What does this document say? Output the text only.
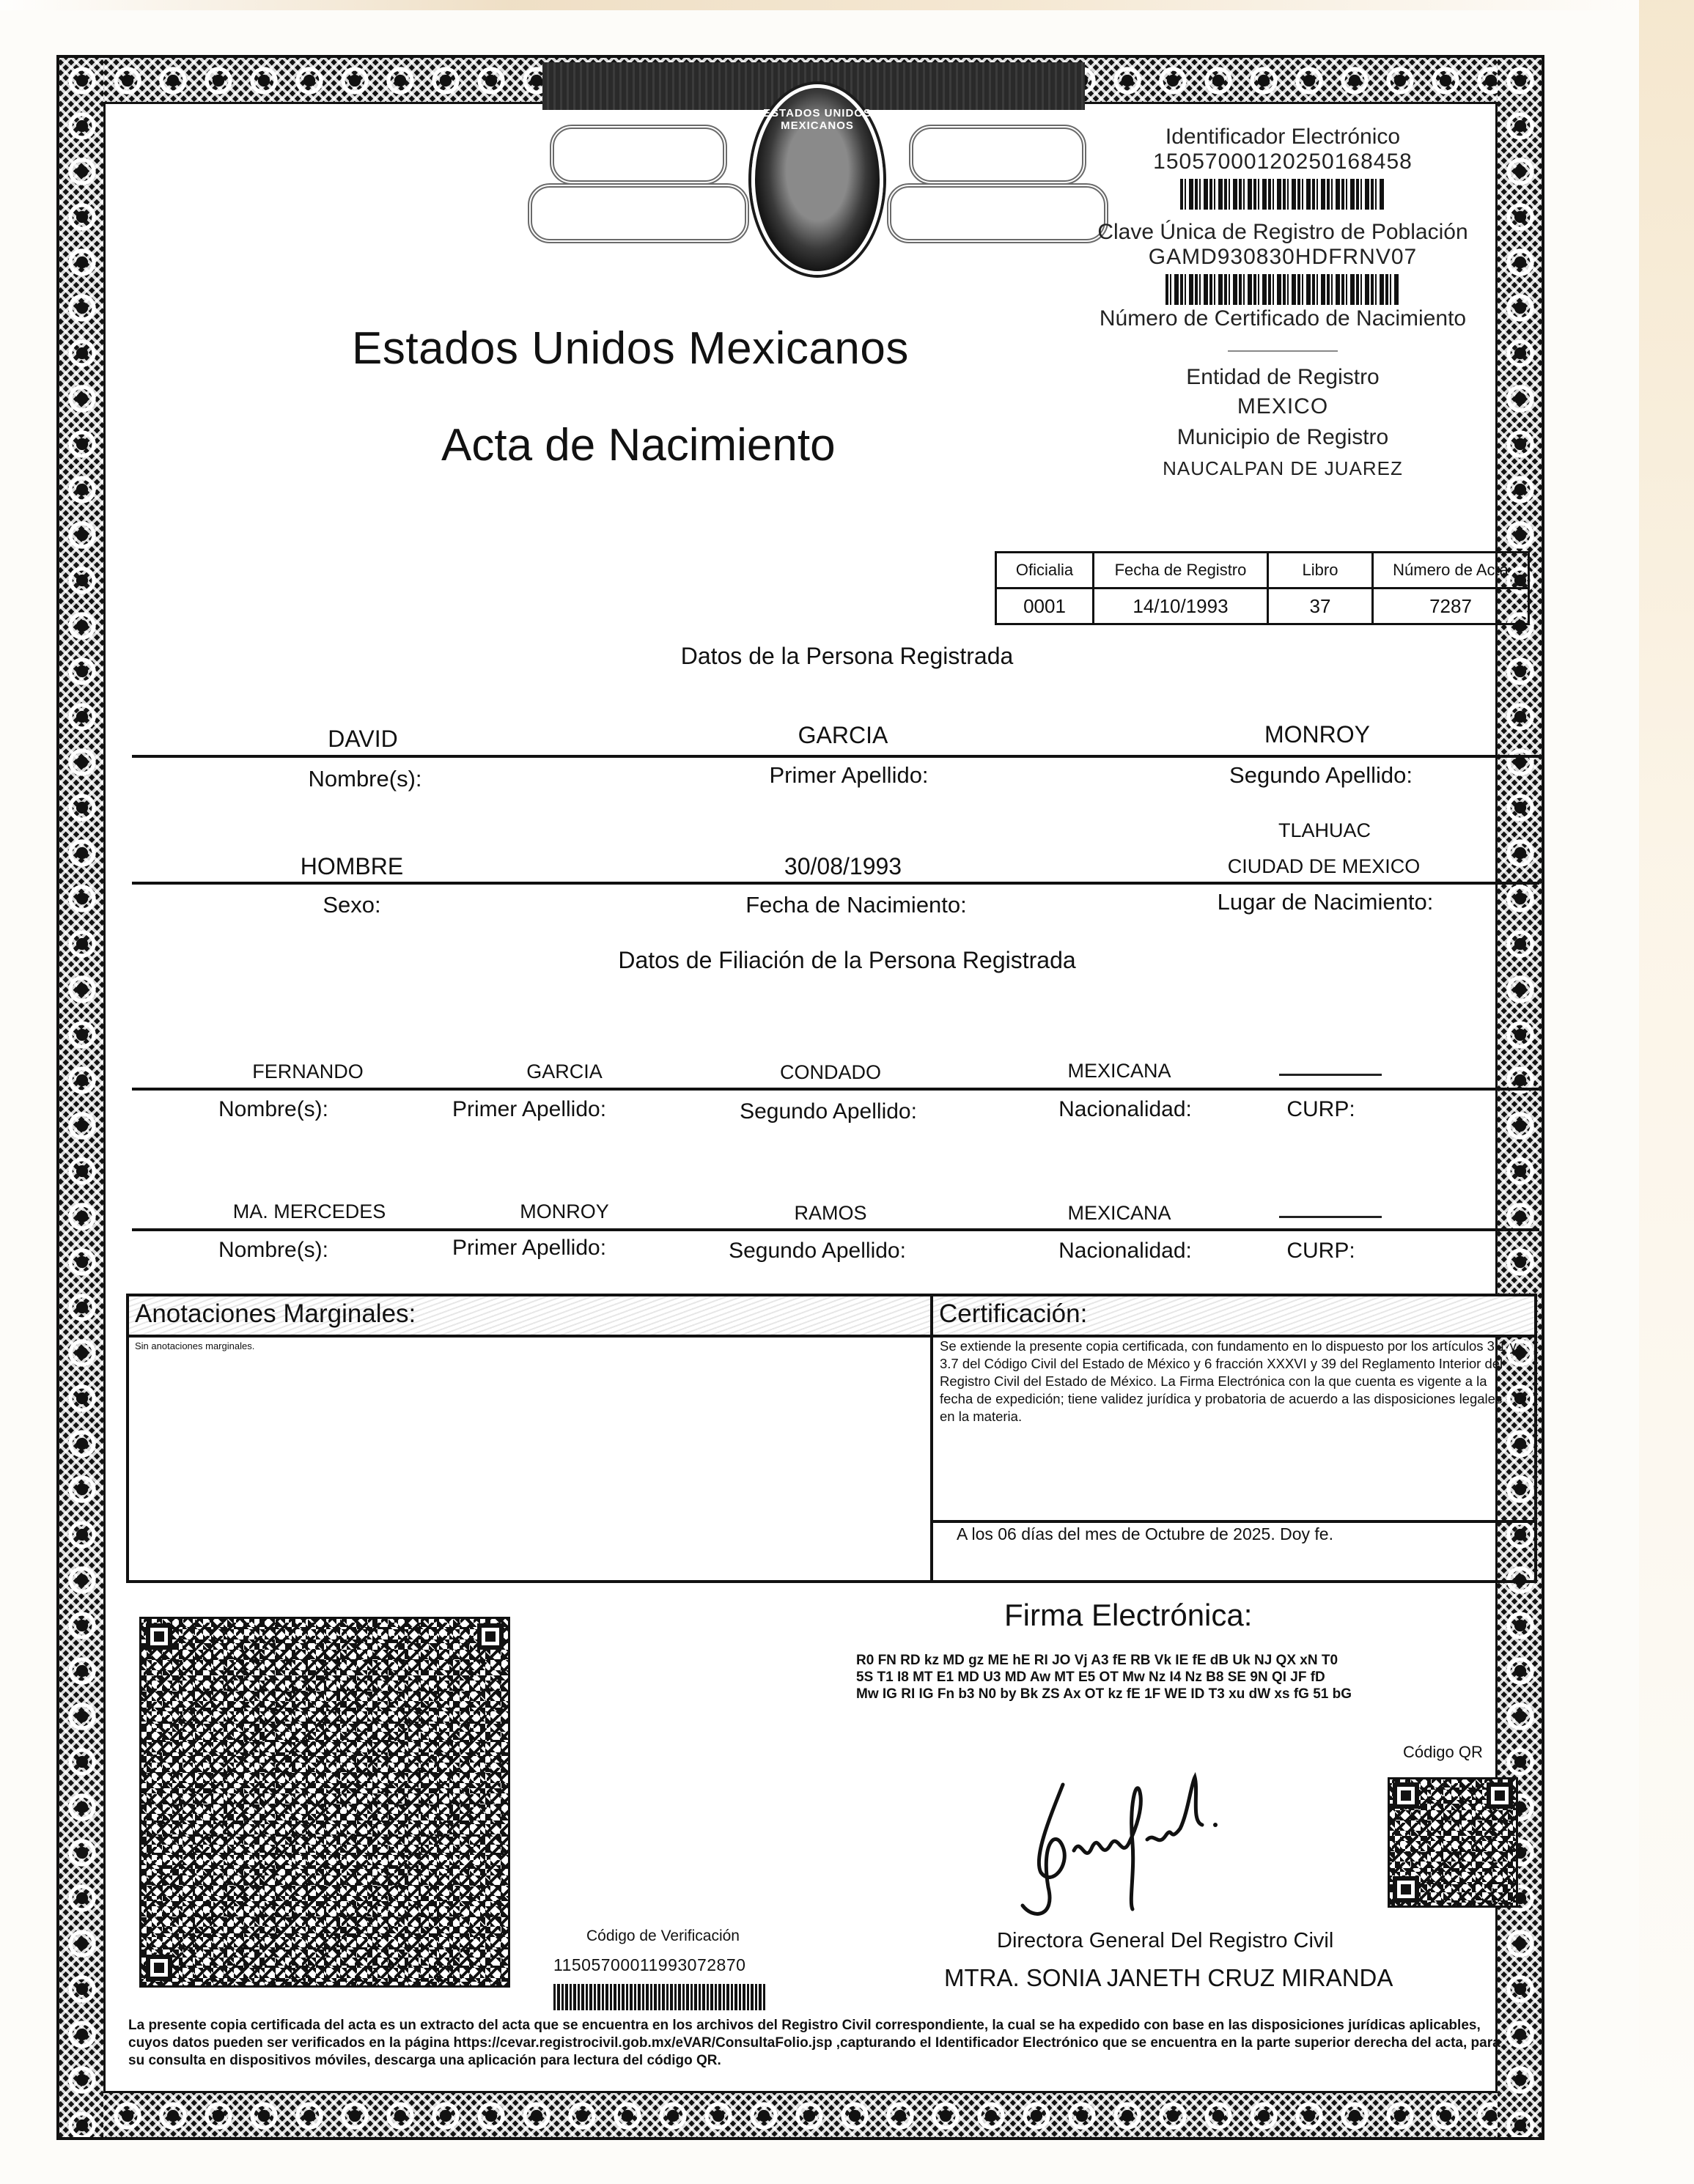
ESTADOS UNIDOS MEXICANOS
Estados Unidos Mexicanos
Acta de Nacimiento
Identificador Electrónico
15057000120250168458
Clave Única de Registro de Población
GAMD930830HDFRNV07
Número de Certificado de Nacimiento
Entidad de Registro
MEXICO
Municipio de Registro
NAUCALPAN DE JUAREZ
Oficialia	Fecha de Registro	Libro	Número de Acta
0001	14/10/1993	37	7287
Datos de la Persona Registrada
DAVID	GARCIA	MONROY
Nombre(s):	Primer Apellido:	Segundo Apellido:
TLAHUAC
HOMBRE	30/08/1993	CIUDAD DE MEXICO
Sexo:	Fecha de Nacimiento:	Lugar de Nacimiento:
Datos de Filiación de la Persona Registrada
FERNANDO	GARCIA	CONDADO	MEXICANA
Nombre(s):	Primer Apellido:	Segundo Apellido:	Nacionalidad:	CURP:
MA. MERCEDES	MONROY	RAMOS	MEXICANA
Nombre(s):	Primer Apellido:	Segundo Apellido:	Nacionalidad:	CURP:
Anotaciones Marginales:	Certificación:
Sin anotaciones marginales.	Se extiende la presente copia certificada, con fundamento en lo dispuesto por los artículos 3.1 y 3.7 del Código Civil del Estado de México y 6 fracción XXXVI y 39 del Reglamento Interior del Registro Civil del Estado de México. La Firma Electrónica con la que cuenta es vigente a la fecha de expedición; tiene validez jurídica y probatoria de acuerdo a las disposiciones legales en la materia.
A los 06 días del mes de Octubre de 2025. Doy fe.
Firma Electrónica:
R0 FN RD kz MD gz ME hE RI JO Vj A3 fE RB Vk IE fE dB Uk NJ QX xN T0
5S T1 I8 MT E1 MD U3 MD Aw MT E5 OT Mw Nz I4 Nz B8 SE 9N QI JF fD
Mw IG RI IG Fn b3 N0 by Bk ZS Ax OT kz fE 1F WE ID T3 xu dW xs fG 51 bG
Código QR
Código de Verificación
115057000119930728​70
Directora General Del Registro Civil
MTRA. SONIA JANETH CRUZ MIRANDA
La presente copia certificada del acta es un extracto del acta que se encuentra en los archivos del Registro Civil correspondiente, la cual se ha expedido con base en las disposiciones jurídicas aplicables, cuyos datos pueden ser verificados en la página https://cevar.registrocivil.gob.mx/eVAR/ConsultaFolio.jsp ,capturando el Identificador Electrónico que se encuentra en la parte superior derecha del acta, para su consulta en dispositivos móviles, descarga una aplicación para lectura del código QR.
